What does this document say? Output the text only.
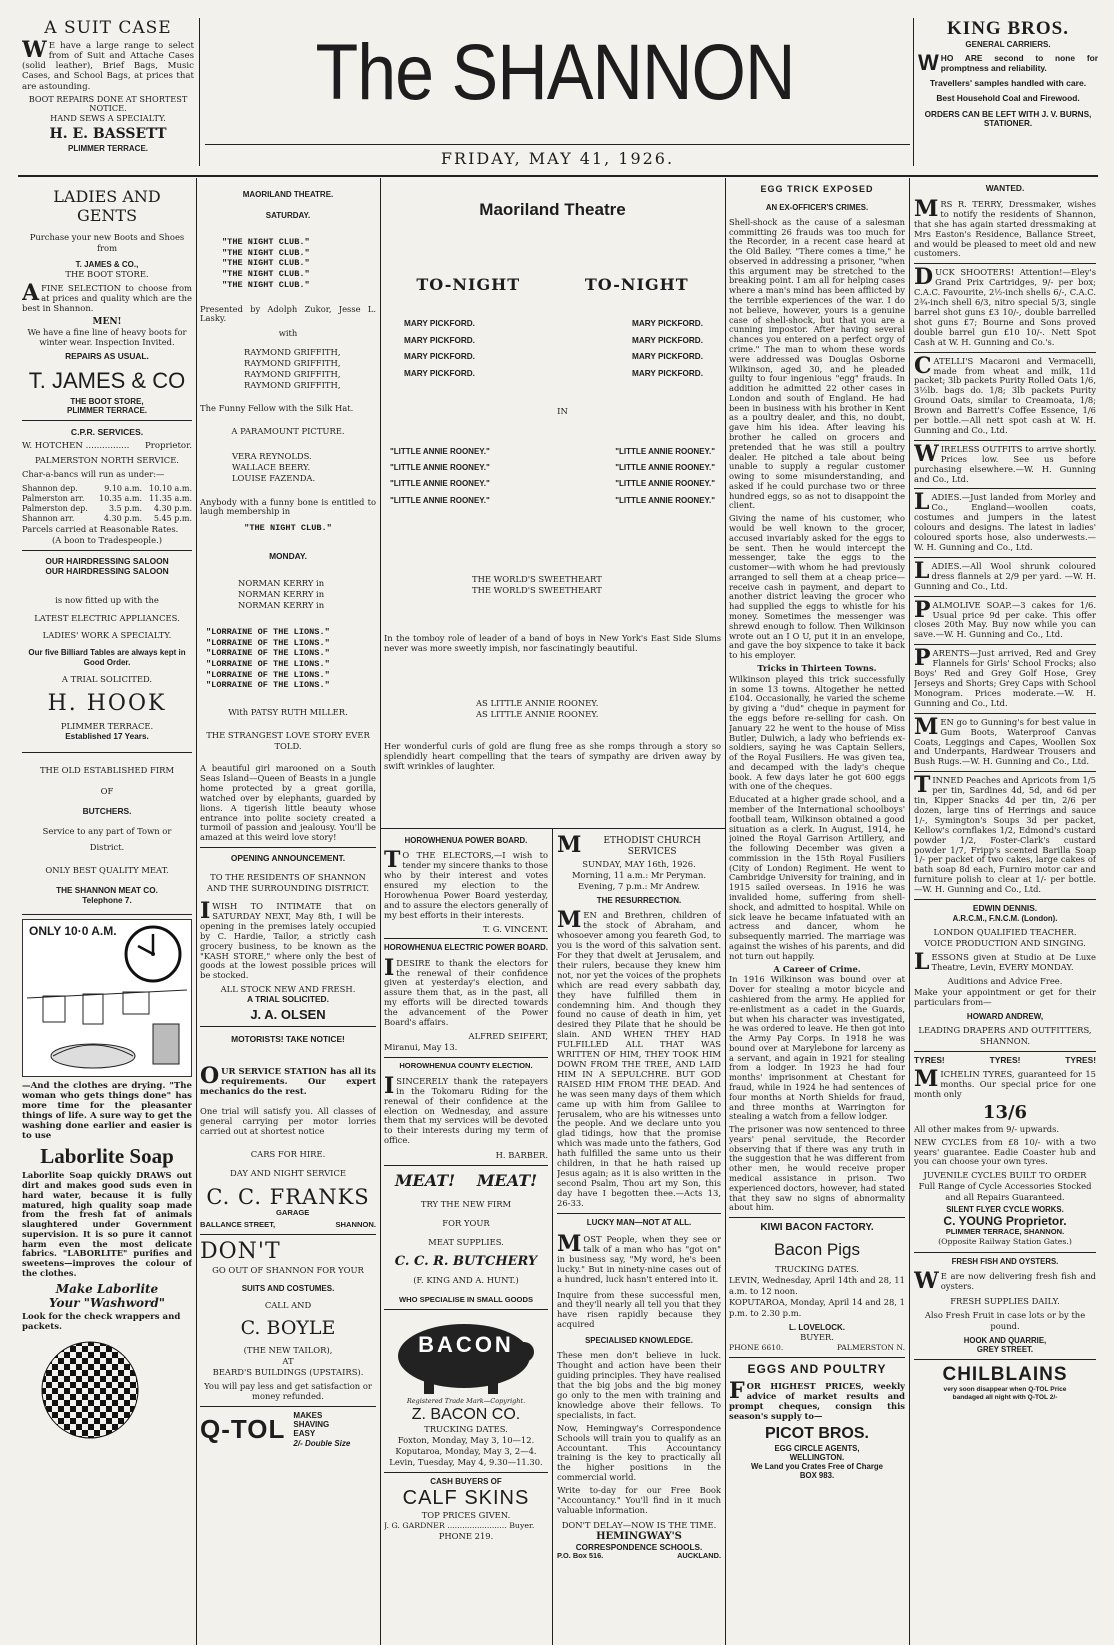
A SUIT CASE
WE have a large range to select from of Suit and Attache Cases (solid leather), Brief Bags, Music Cases, and School Bags, at prices that are astounding.
BOOT REPAIRS DONE AT SHORTEST NOTICE.
HAND SEWS A SPECIALTY.
H. E. BASSETT
PLIMMER TERRACE.
The SHANNON
FRIDAY, MAY 41, 1926.
KING BROS.
GENERAL CARRIERS.
WHO ARE second to none for promptness and reliability.
Travellers' samples handled with care.
Best Household Coal and Firewood.
ORDERS CAN BE LEFT WITH J. V. BURNS, STATIONER.
LADIES AND GENTS
Purchase your new Boots and Shoes from
T. JAMES & CO.,
THE BOOT STORE.
AFINE SELECTION to choose from at prices and quality which are the best in Shannon.
MEN!
We have a fine line of heavy boots for winter wear. Inspection Invited.
REPAIRS AS USUAL.
T. JAMES & CO
THE BOOT STORE,
PLIMMER TERRACE.
C.P.R. SERVICES.
W. HOTCHEN ................ Proprietor.
PALMERSTON NORTH SERVICE.
Char-a-bancs will run as under:—
Shannon dep.	9.10 a.m. 10.10 a.m.
Palmerston arr.	10.35 a.m. 11.35 a.m.
Palmerston dep.	3.5 p.m.	4.30 p.m.
Shannon arr.	4.30 p.m.	5.45 p.m.
Parcels carried at Reasonable Rates.
(A boon to Tradespeople.)
OUR HAIRDRESSING SALOON
OUR HAIRDRESSING SALOON
is now fitted up with the
LATEST ELECTRIC APPLIANCES.
LADIES' WORK A SPECIALTY.
Our five Billiard Tables are always kept in Good Order.
A TRIAL SOLICITED.
H. HOOK
PLIMMER TERRACE.
Established 17 Years.
THE OLD ESTABLISHED FIRM
OF
BUTCHERS.
Service to any part of Town or
District.
ONLY BEST QUALITY MEAT.
THE SHANNON MEAT CO.
Telephone 7.
ONLY 10·0 A.M.
—And the clothes are drying. "The woman who gets things done" has more time for the pleasanter things of life. A sure way to get the washing done earlier and easier is to use
Laborlite Soap
Laborlite Soap quickly DRAWS out dirt and makes good suds even in hard water, because it is fully matured, high quality soap made from the fresh fat of animals slaughtered under Government supervision. It is so pure it cannot harm even the most delicate fabrics. "LABORLITE" purifies and sweetens—improves the colour of the clothes.
Make Laborlite
Your "Washword"
Look for the check wrappers and packets.
MAORILAND THEATRE.
SATURDAY.
"THE NIGHT CLUB."
"THE NIGHT CLUB."
"THE NIGHT CLUB."
"THE NIGHT CLUB."
"THE NIGHT CLUB."
Presented by Adolph Zukor, Jesse L. Lasky.
with
RAYMOND GRIFFITH,
RAYMOND GRIFFITH,
RAYMOND GRIFFITH,
RAYMOND GRIFFITH,
The Funny Fellow with the Silk Hat.
A PARAMOUNT PICTURE.
VERA REYNOLDS.
WALLACE BEERY.
LOUISE FAZENDA.
Anybody with a funny bone is entitled to laugh membership in
"THE NIGHT CLUB."
MONDAY.
NORMAN KERRY in
NORMAN KERRY in
NORMAN KERRY in
"LORRAINE OF THE LIONS."
"LORRAINE OF THE LIONS."
"LORRAINE OF THE LIONS."
"LORRAINE OF THE LIONS."
"LORRAINE OF THE LIONS."
"LORRAINE OF THE LIONS."
With PATSY RUTH MILLER.
THE STRANGEST LOVE STORY EVER TOLD.
A beautiful girl marooned on a South Seas Island—Queen of Beasts in a jungle home protected by a great gorilla, watched over by elephants, guarded by lions. A tigerish little beauty whose entrance into polite society created a turmoil of passion and jealousy. You'll be amazed at this weird love story!
OPENING ANNOUNCEMENT.
TO THE RESIDENTS OF SHANNON AND THE SURROUNDING DISTRICT.
IWISH TO INTIMATE that on SATURDAY NEXT, May 8th, I will be opening in the premises lately occupied by C. Hardie, Tailor, a strictly cash grocery business, to be known as the "KASH STORE," where only the best of goods at the lowest possible prices will be stocked.
ALL STOCK NEW AND FRESH.
A TRIAL SOLICITED.
J. A. OLSEN
MOTORISTS! TAKE NOTICE!
OUR SERVICE STATION has all its requirements. Our expert mechanics do the rest.
One trial will satisfy you. All classes of general carrying per motor lorries carried out at shortest notice
CARS FOR HIRE.
DAY AND NIGHT SERVICE
C. C. FRANKS
GARAGE
BALLANCE STREET,	SHANNON.
DON'T
GO OUT OF SHANNON FOR YOUR
SUITS AND COSTUMES.
CALL AND
C. BOYLE
(THE NEW TAILOR),
AT
BEARD'S BUILDINGS (UPSTAIRS).
You will pay less and get satisfaction or money refunded.
Q-TOL MAKES
SHAVING
EASY
2/- Double Size
Maoriland Theatre
TO-NIGHT	TO-NIGHT
MARY PICKFORD.
MARY PICKFORD.
MARY PICKFORD.
MARY PICKFORD.
MARY PICKFORD.
MARY PICKFORD.
MARY PICKFORD.
MARY PICKFORD.
IN
"LITTLE ANNIE ROONEY."
"LITTLE ANNIE ROONEY."
"LITTLE ANNIE ROONEY."
"LITTLE ANNIE ROONEY."
"LITTLE ANNIE ROONEY."
"LITTLE ANNIE ROONEY."
"LITTLE ANNIE ROONEY."
"LITTLE ANNIE ROONEY."
THE WORLD'S SWEETHEART
THE WORLD'S SWEETHEART
In the tomboy role of leader of a band of boys in New York's East Side Slums never was more sweetly impish, nor fascinatingly beautiful.
AS LITTLE ANNIE ROONEY.
AS LITTLE ANNIE ROONEY.
Her wonderful curls of gold are flung free as she romps through a story so splendidly heart compelling that the tears of sympathy are driven away by swift wrinkles of laughter.
HOROWHENUA POWER BOARD.
TO THE ELECTORS,—I wish to tender my sincere thanks to those who by their interest and votes ensured my election to the Horowhenua Power Board yesterday, and to assure the electors generally of my best efforts in their interests.
T. G. VINCENT.
HOROWHENUA ELECTRIC POWER BOARD.
IDESIRE to thank the electors for the renewal of their confidence given at yesterday's election, and assure them that, as in the past, all my efforts will be directed towards the advancement of the Power Board's affairs.
ALFRED SEIFERT,
Miranui, May 13.
HOROWHENUA COUNTY ELECTION.
ISINCERELY thank the ratepayers in the Tokomaru Riding for the renewal of their confidence at the election on Wednesday, and assure them that my services will be devoted to their interests during my term of office.
H. BARBER.
MEAT! MEAT!
TRY THE NEW FIRM
FOR YOUR
MEAT SUPPLIES.
C. C. R. BUTCHERY
(F. KING AND A. HUNT.)
WHO SPECIALISE IN SMALL GOODS
Registered Trade Mark—Copyright.
Z. BACON CO.
TRUCKING DATES.
Foxton, Monday, May 3, 10—12.
Koputaroa, Monday, May 3, 2—4.
Levin, Tuesday, May 4, 9.30—11.30.
CASH BUYERS OF
CALF SKINS
TOP PRICES GIVEN.
J. G. GARDNER ........................ Buyer.
PHONE 219.
METHODIST CHURCH SERVICES
SUNDAY, MAY 16th, 1926.
Morning, 11 a.m.: Mr Peryman.
Evening, 7 p.m.: Mr Andrew.
THE RESURRECTION.
MEN and Brethren, children of the stock of Abraham, and whosoever among you feareth God, to you is the word of this salvation sent. For they that dwelt at Jerusalem, and their rulers, because they knew him not, nor yet the voices of the prophets which are read every sabbath day, they have fulfilled them in condemning him. And though they found no cause of death in him, yet desired they Pilate that he should be slain. AND WHEN THEY HAD FULFILLED ALL THAT WAS WRITTEN OF HIM, THEY TOOK HIM DOWN FROM THE TREE, AND LAID HIM IN A SEPULCHRE. BUT GOD RAISED HIM FROM THE DEAD. And he was seen many days of them which came up with him from Galilee to Jerusalem, who are his witnesses unto the people. And we declare unto you glad tidings, how that the promise which was made unto the fathers, God hath fulfilled the same unto us their children, in that he hath raised up Jesus again; as it is also written in the second Psalm, Thou art my Son, this day have I begotten thee.—Acts 13, 26-33.
LUCKY MAN—NOT AT ALL.
MOST People, when they see or talk of a man who has "got on" in business say, "My word, he's been lucky." But in ninety-nine cases out of a hundred, luck hasn't entered into it.
Inquire from these successful men, and they'll nearly all tell you that they have risen rapidly because they acquired
SPECIALISED KNOWLEDGE.
These men don't believe in luck. Thought and action have been their guiding principles. They have realised that the big jobs and the big money go only to the men with training and knowledge above their fellows. To specialists, in fact.
Now, Hemingway's Correspondence Schools will train you to qualify as an Accountant. This Accountancy training is the key to practically all the higher positions in the commercial world.
Write to-day for our Free Book "Accountancy." You'll find in it much valuable information.
DON'T DELAY—NOW IS THE TIME.
HEMINGWAY'S
CORRESPONDENCE SCHOOLS.
P.O. Box 516.	AUCKLAND.
EGG TRICK EXPOSED
AN EX-OFFICER'S CRIMES.
Shell-shock as the cause of a salesman committing 26 frauds was too much for the Recorder, in a recent case heard at the Old Bailey. "There comes a time," he observed in addressing a prisoner, "when this argument may be stretched to the breaking point. I am all for helping cases where a man's mind has been afflicted by the terrible experiences of the war. I do not believe, however, yours is a genuine case of shell-shock, but that you are a cunning impostor. After having several chances you entered on a perfect orgy of crime." The man to whom these words were addressed was Douglas Osborne Wilkinson, aged 30, and he pleaded guilty to four ingenious "egg" frauds. In addition he admitted 22 other cases in London and south of England. He had been in business with his brother in Kent as a poultry dealer, and this, no doubt, gave him his idea. After leaving his brother he called on grocers and pretended that he was still a poultry dealer. He pitched a tale about being unable to supply a regular customer owing to some misunderstanding, and asked if he could purchase two or three hundred eggs, so as not to disappoint the client.
Giving the name of his customer, who would be well known to the grocer, accused invariably asked for the eggs to be sent. Then he would intercept the messenger, take the eggs to the customer—with whom he had previously arranged to sell them at a cheap price—receive cash in payment, and depart to another district leaving the grocer who had supplied the eggs to whistle for his money. Sometimes the messenger was shrewd enough to follow. Then Wilkinson wrote out an I O U, put it in an envelope, and gave the boy sixpence to take it back to his employer.
Tricks in Thirteen Towns.
Wilkinson played this trick successfully in some 13 towns. Altogether he netted £104. Occasionally, he varied the scheme by giving a "dud" cheque in payment for the eggs before re-selling for cash. On January 22 he went to the house of Miss Butler, Dulwich, a lady who befriends ex-soldiers, saying he was Captain Sellers, of the Royal Fusiliers. He was given tea, and decamped with the lady's cheque book. A few days later he got 600 eggs with one of the cheques.
Educated at a higher grade school, and a member of the International schoolboys' football team, Wilkinson obtained a good situation as a clerk. In August, 1914, he joined the Royal Garrison Artillery, and the following December was given a commission in the 15th Royal Fusiliers (City of London) Regiment. He went to Cambridge University for training, and in 1915 sailed overseas. In 1916 he was invalided home, suffering from shell-shock, and admitted to hospital. While on sick leave he became infatuated with an actress and dancer, whom he subsequently married. The marriage was against the wishes of his parents, and did not turn out happily.
A Career of Crime.
In 1916 Wilkinson was bound over at Dover for stealing a motor bicycle and cashiered from the army. He applied for re-enlistment as a cadet in the Guards, but when his character was investigated, he was ordered to leave. He then got into the Army Pay Corps. In 1918 he was bound over at Marylebone for larceny as a servant, and again in 1921 for stealing from a lodger. In 1923 he had four months' imprisonment at Chestant for fraud, while in 1924 he had sentences of four months at North Shields for fraud, and three months at Warrington for stealing a watch from a fellow lodger.
The prisoner was now sentenced to three years' penal servitude, the Recorder observing that if there was any truth in the suggestion that he was different from other men, he would receive proper medical assistance in prison. Two experienced doctors, however, had stated that they saw no signs of abnormality about him.
KIWI BACON FACTORY.
Bacon Pigs
TRUCKING DATES.
LEVIN, Wednesday, April 14th and 28, 11 a.m. to 12 noon.
KOPUTAROA, Monday, April 14 and 28, 1 p.m. to 2.30 p.m.
L. LOVELOCK.
BUYER.
PHONE 6610.	PALMERSTON N.
EGGS AND POULTRY
FOR HIGHEST PRICES, weekly advice of market results and prompt cheques, consign this season's supply to—
PICOT BROS.
EGG CIRCLE AGENTS,
WELLINGTON.
We Land you Crates Free of Charge
BOX 983.
WANTED.
MRS R. TERRY, Dressmaker, wishes to notify the residents of Shannon, that she has again started dressmaking at Mrs Easton's Residence, Ballance Street, and would be pleased to meet old and new customers.
DUCK SHOOTERS! Attention!—Eley's Grand Prix Cartridges, 9/- per box; C.A.C. Favourite, 2½-inch shells 6/-, C.A.C. 2¾-inch shell 6/3, nitro special 5/3, single barrel shot guns £3 10/-, double barrelled shot guns £7; Bourne and Sons proved double barrel gun £10 10/-. Nett Spot Cash at W. H. Gunning and Co.'s.
CATELLI'S Macaroni and Vermacelli, made from wheat and milk, 11d packet; 3lb packets Purity Rolled Oats 1/6, 3½lb. bags do. 1/8; 3lb packets Purity Ground Oats, similar to Creamoata, 1/8; Brown and Barrett's Coffee Essence, 1/6 per bottle.—All nett spot cash at W. H. Gunning and Co., Ltd.
WIRELESS OUTFITS to arrive shortly. Prices low. See us before purchasing elsewhere.—W. H. Gunning and Co., Ltd.
LADIES.—Just landed from Morley and Co., England—woollen coats, costumes and jumpers in the latest colours and designs. The latest in ladies' coloured sports hose, also underwests.—W. H. Gunning and Co., Ltd.
LADIES.—All Wool shrunk coloured dress flannels at 2/9 per yard. —W. H. Gunning and Co., Ltd.
PALMOLIVE SOAP.—3 cakes for 1/6. Usual price 9d per cake. This offer closes 20th May. Buy now while you can save.—W. H. Gunning and Co., Ltd.
PARENTS—Just arrived, Red and Grey Flannels for Girls' School Frocks; also Boys' Red and Grey Golf Hose, Grey Jerseys and Shorts; Grey Caps with School Monogram. Prices moderate.—W. H. Gunning and Co., Ltd.
MEN go to Gunning's for best value in Gum Boots, Waterproof Canvas Coats, Leggings and Capes, Woollen Sox and Underpants, Hardwear Trousers and Bush Rugs.—W. H. Gunning and Co., Ltd.
TINNED Peaches and Apricots from 1/5 per tin, Sardines 4d, 5d, and 6d per tin, Kipper Snacks 4d per tin, 2/6 per dozen, large tins of Herrings and sauce 1/-, Symington's Soups 3d per packet, Kellow's cornflakes 1/2, Edmond's custard powder 1/2, Foster-Clark's custard powder 1/7, Fripp's scented Barilla Soap 1/- per packet of two cakes, large cakes of bath soap 8d each, Furniro motor car and furniture polish to clear at 1/- per bottle. —W. H. Gunning and Co., Ltd.
EDWIN DENNIS.
A.R.C.M., F.N.C.M. (London).
LONDON QUALIFIED TEACHER.
VOICE PRODUCTION AND SINGING.
LESSONS given at Studio at De Luxe Theatre, Levin, EVERY MONDAY.
Auditions and Advice Free.
Make your appointment or get for their particulars from—
HOWARD ANDREW,
LEADING DRAPERS AND OUTFITTERS,
SHANNON.
TYRES!	TYRES!	TYRES!
MICHELIN TYRES, guaranteed for 15 months. Our special price for one month only
13/6
All other makes from 9/- upwards.
NEW CYCLES from £8 10/- with a two years' guarantee. Eadie Coaster hub and you can choose your own tyres.
JUVENILE CYCLES BUILT TO ORDER
Full Range of Cycle Accessories Stocked and all Repairs Guaranteed.
SILENT FLYER CYCLE WORKS.
C. YOUNG Proprietor.
PLIMMER TERRACE, SHANNON.
(Opposite Railway Station Gates.)
FRESH FISH AND OYSTERS.
WE are now delivering fresh fish and oysters.
FRESH SUPPLIES DAILY.
Also Fresh Fruit in case lots or by the pound.
HOOK AND QUARRIE,
GREY STREET.
CHILBLAINS
very soon disappear when Q-TOL Price
bandaged all night with Q-TOL 2/-
